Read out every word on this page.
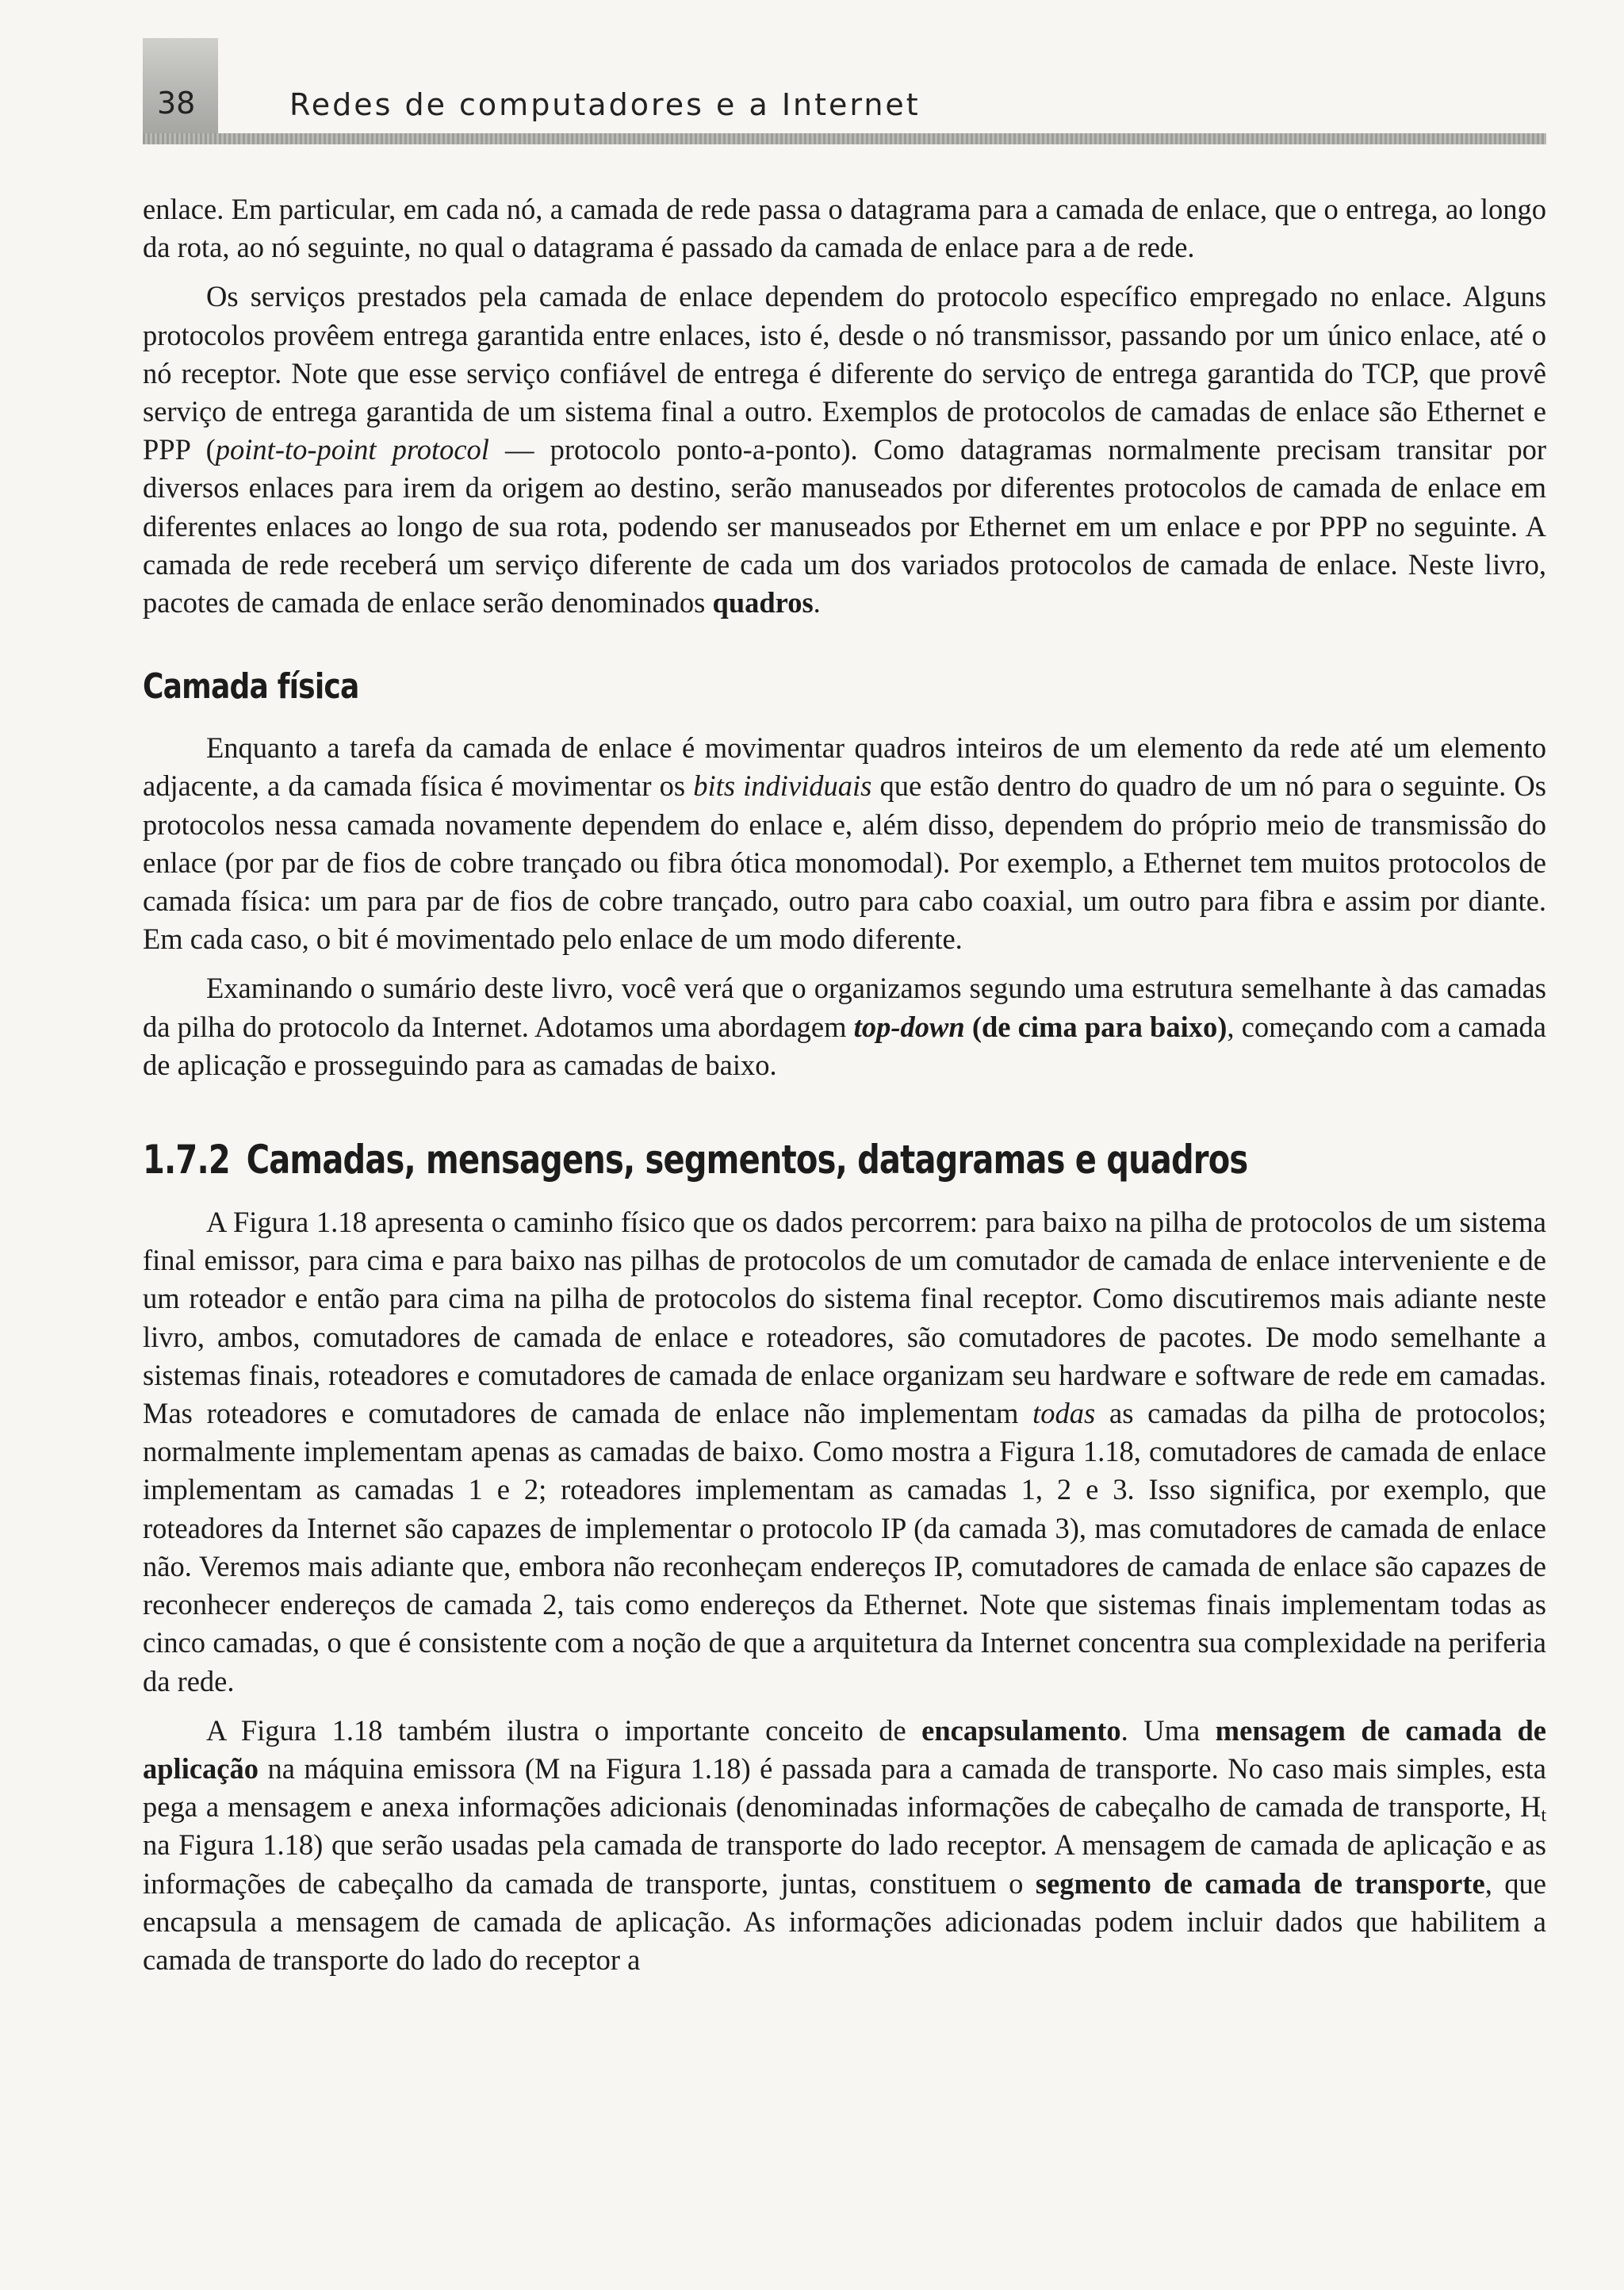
38	Redes de computadores e a Internet

enlace. Em particular, em cada nó, a camada de rede passa o datagrama para a camada de enlace, que o entrega, ao longo da rota, ao nó seguinte, no qual o datagrama é passado da camada de enlace para a de rede.

Os serviços prestados pela camada de enlace dependem do protocolo específico empregado no enlace. Alguns protocolos provêem entrega garantida entre enlaces, isto é, desde o nó transmissor, passando por um único enlace, até o nó receptor. Note que esse serviço confiável de entrega é diferente do serviço de entrega garantida do TCP, que provê serviço de entrega garantida de um sistema final a outro. Exemplos de protocolos de camadas de enlace são Ethernet e PPP (point-to-point protocol — protocolo ponto-a-ponto). Como datagramas normalmente precisam transitar por diversos enlaces para irem da origem ao destino, serão manuseados por diferentes protocolos de camada de enlace em diferentes enlaces ao longo de sua rota, podendo ser manuseados por Ethernet em um enlace e por PPP no seguinte. A camada de rede receberá um serviço diferente de cada um dos variados protocolos de camada de enlace. Neste livro, pacotes de camada de enlace serão denominados quadros.

Camada física

Enquanto a tarefa da camada de enlace é movimentar quadros inteiros de um elemento da rede até um elemento adjacente, a da camada física é movimentar os bits individuais que estão dentro do quadro de um nó para o seguinte. Os protocolos nessa camada novamente dependem do enlace e, além disso, dependem do próprio meio de transmissão do enlace (por par de fios de cobre trançado ou fibra ótica monomodal). Por exemplo, a Ethernet tem muitos protocolos de camada física: um para par de fios de cobre trançado, outro para cabo coaxial, um outro para fibra e assim por diante. Em cada caso, o bit é movimentado pelo enlace de um modo diferente.

Examinando o sumário deste livro, você verá que o organizamos segundo uma estrutura semelhante à das camadas da pilha do protocolo da Internet. Adotamos uma abordagem top-down (de cima para baixo), começando com a camada de aplicação e prosseguindo para as camadas de baixo.

1.7.2 Camadas, mensagens, segmentos, datagramas e quadros

A Figura 1.18 apresenta o caminho físico que os dados percorrem: para baixo na pilha de protocolos de um sistema final emissor, para cima e para baixo nas pilhas de protocolos de um comutador de camada de enlace interveniente e de um roteador e então para cima na pilha de protocolos do sistema final receptor. Como discutiremos mais adiante neste livro, ambos, comutadores de camada de enlace e roteadores, são comutadores de pacotes. De modo semelhante a sistemas finais, roteadores e comutadores de camada de enlace organizam seu hardware e software de rede em camadas. Mas roteadores e comutadores de camada de enlace não implementam todas as camadas da pilha de protocolos; normalmente implementam apenas as camadas de baixo. Como mostra a Figura 1.18, comutadores de camada de enlace implementam as camadas 1 e 2; roteadores implementam as camadas 1, 2 e 3. Isso significa, por exemplo, que roteadores da Internet são capazes de implementar o protocolo IP (da camada 3), mas comutadores de camada de enlace não. Veremos mais adiante que, embora não reconheçam endereços IP, comutadores de camada de enlace são capazes de reconhecer endereços de camada 2, tais como endereços da Ethernet. Note que sistemas finais implementam todas as cinco camadas, o que é consistente com a noção de que a arquitetura da Internet concentra sua complexidade na periferia da rede.

A Figura 1.18 também ilustra o importante conceito de encapsulamento. Uma mensagem de camada de aplicação na máquina emissora (M na Figura 1.18) é passada para a camada de transporte. No caso mais simples, esta pega a mensagem e anexa informações adicionais (denominadas informações de cabeçalho de camada de transporte, $H_t$ na Figura 1.18) que serão usadas pela camada de transporte do lado receptor. A mensagem de camada de aplicação e as informações de cabeçalho da camada de transporte, juntas, constituem o segmento de camada de transporte, que encapsula a mensagem de camada de aplicação. As informações adicionadas podem incluir dados que habilitem a camada de transporte do lado do receptor a
